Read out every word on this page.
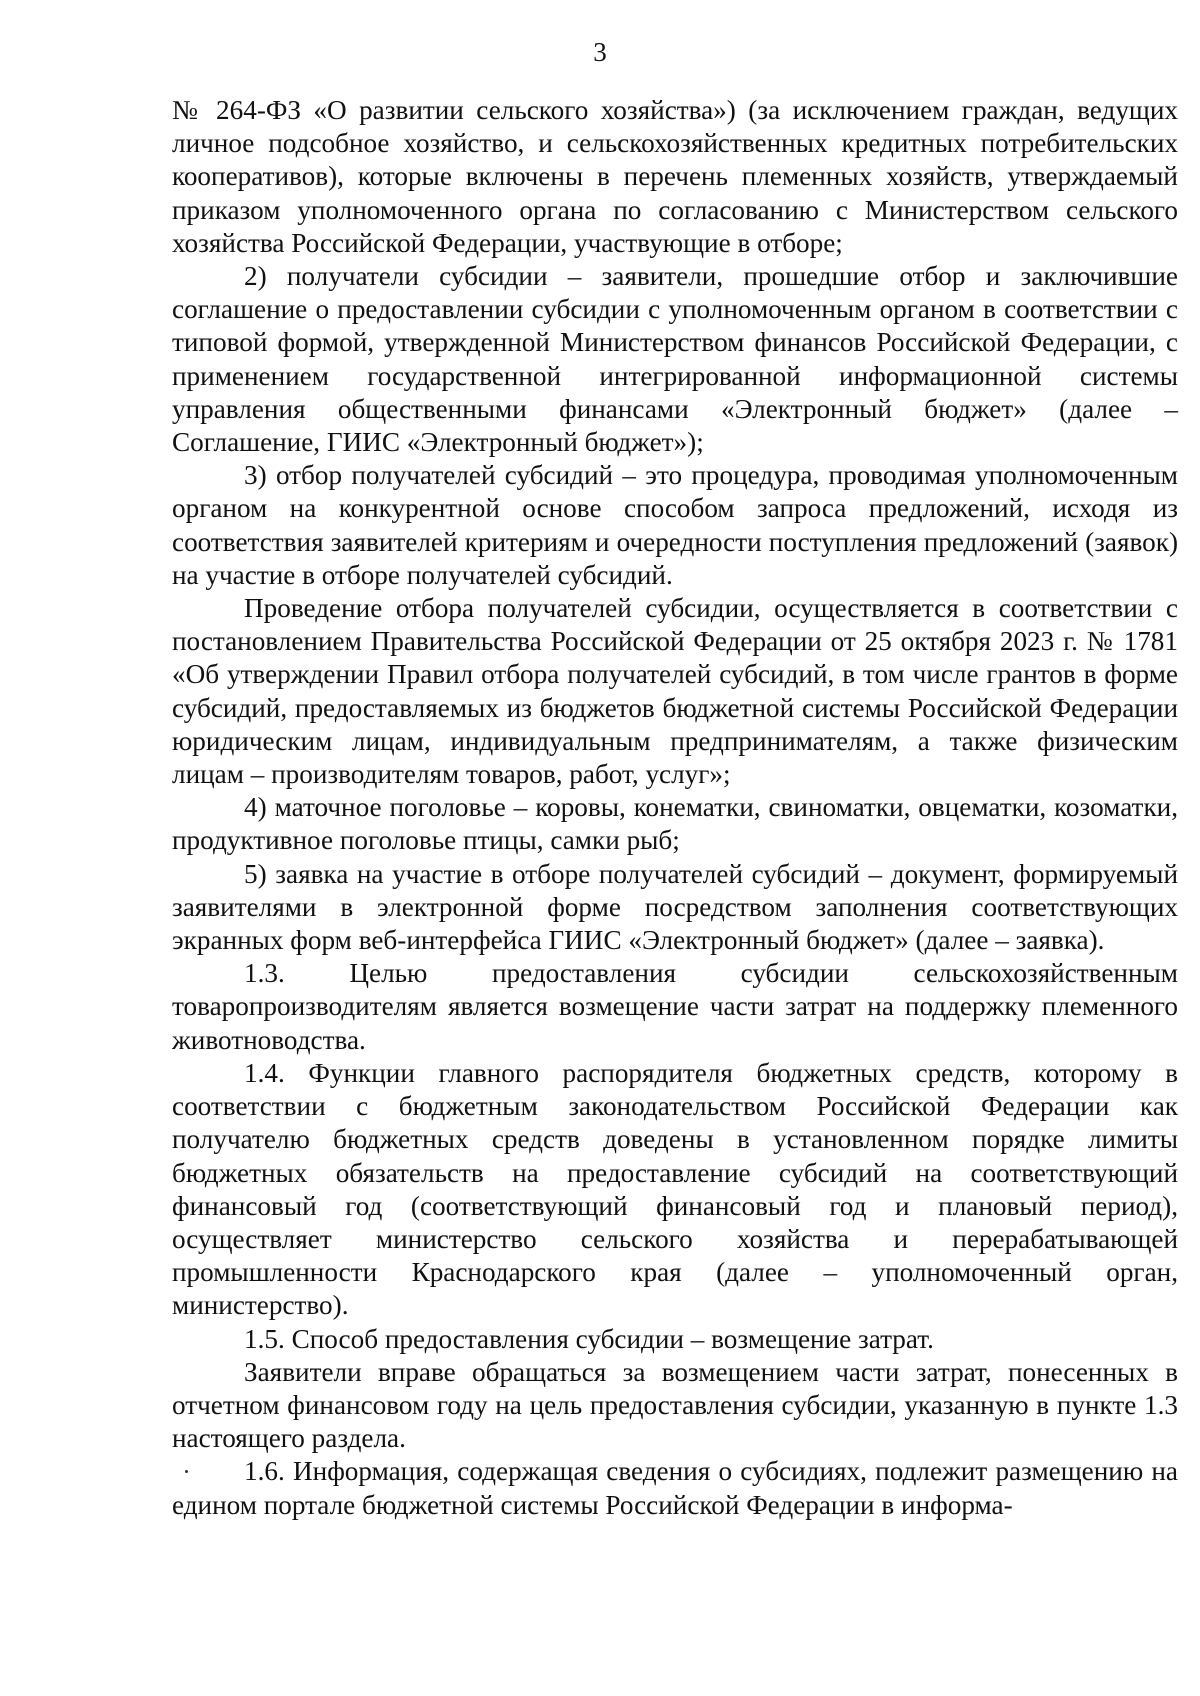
3

№ 264-ФЗ «О развитии сельского хозяйства») (за исключением граждан, ведущих личное подсобное хозяйство, и сельскохозяйственных кредитных потребительских кооперативов), которые включены в перечень племенных хозяйств, утверждаемый приказом уполномоченного органа по согласованию с Министерством сельского хозяйства Российской Федерации, участвующие в отборе;

2) получатели субсидии – заявители, прошедшие отбор и заключившие соглашение о предоставлении субсидии с уполномоченным органом в соответствии с типовой формой, утвержденной Министерством финансов Российской Федерации, с применением государственной интегрированной информационной системы управления общественными финансами «Электронный бюджет» (далее – Соглашение, ГИИС «Электронный бюджет»);

3) отбор получателей субсидий – это процедура, проводимая уполномоченным органом на конкурентной основе способом запроса предложений, исходя из соответствия заявителей критериям и очередности поступления предложений (заявок) на участие в отборе получателей субсидий.

Проведение отбора получателей субсидии, осуществляется в соответствии с постановлением Правительства Российской Федерации от 25 октября 2023 г. № 1781 «Об утверждении Правил отбора получателей субсидий, в том числе грантов в форме субсидий, предоставляемых из бюджетов бюджетной системы Российской Федерации юридическим лицам, индивидуальным предпринимателям, а также физическим лицам – производителям товаров, работ, услуг»;

4) маточное поголовье – коровы, конематки, свиноматки, овцематки, козоматки, продуктивное поголовье птицы, самки рыб;

5) заявка на участие в отборе получателей субсидий – документ, формируемый заявителями в электронной форме посредством заполнения соответствующих экранных форм веб-интерфейса ГИИС «Электронный бюджет» (далее – заявка).

1.3. Целью предоставления субсидии сельскохозяйственным товаропроизводителям является возмещение части затрат на поддержку племенного животноводства.

1.4. Функции главного распорядителя бюджетных средств, которому в соответствии с бюджетным законодательством Российской Федерации как получателю бюджетных средств доведены в установленном порядке лимиты бюджетных обязательств на предоставление субсидий на соответствующий финансовый год (соответствующий финансовый год и плановый период), осуществляет министерство сельского хозяйства и перерабатывающей промышленности Краснодарского края (далее – уполномоченный орган, министерство).

1.5. Способ предоставления субсидии – возмещение затрат.

Заявители вправе обращаться за возмещением части затрат, понесенных в отчетном финансовом году на цель предоставления субсидии, указанную в пункте 1.3 настоящего раздела.

1.6. Информация, содержащая сведения о субсидиях, подлежит размещению на едином портале бюджетной системы Российской Федерации в информа-
